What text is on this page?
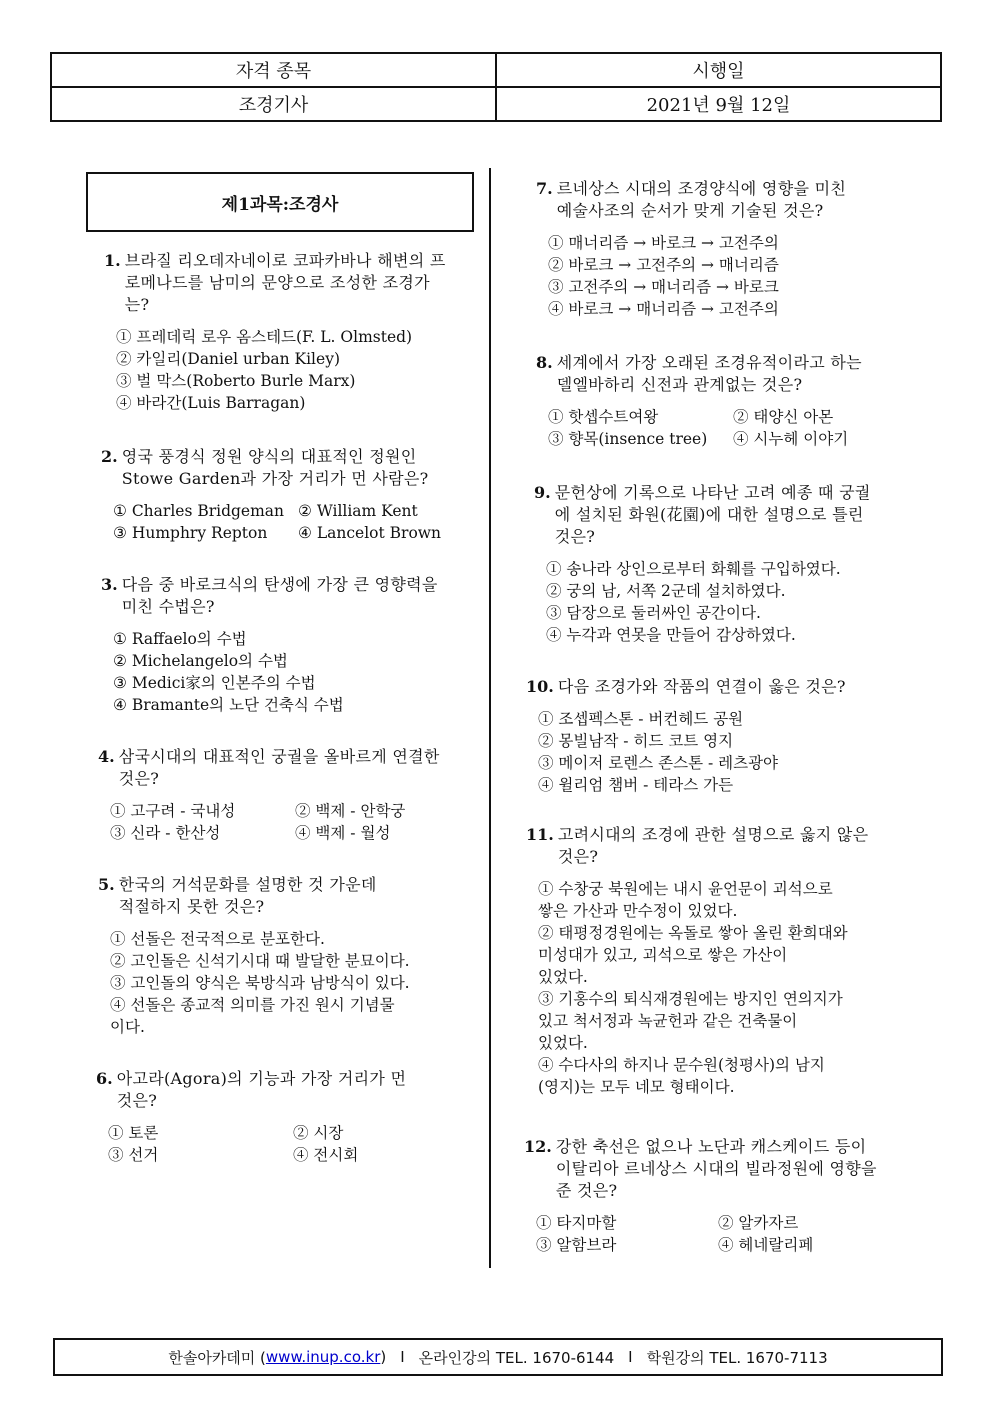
자격 종목	시행일
조경기사	2021년 9월 12일
제1과목:조경사
1. 브라질 리오데자네이로 코파카바나 해변의 프
로메나드를 남미의 문양으로 조성한 조경가
는?
① 프레데릭 로우 옴스테드(F. L. Olmsted)
② 카일리(Daniel urban Kiley)
③ 벌 막스(Roberto Burle Marx)
④ 바라간(Luis Barragan)
2. 영국 풍경식 정원 양식의 대표적인 정원인
Stowe Garden과 가장 거리가 먼 사람은?
① Charles Bridgeman ② William Kent
③ Humphry Repton	④ Lancelot Brown
3. 다음 중 바로크식의 탄생에 가장 큰 영향력을
미친 수법은?
① Raffaelo의 수법
② Michelangelo의 수법
③ Medici家의 인본주의 수법
④ Bramante의 노단 건축식 수법
4. 삼국시대의 대표적인 궁궐을 올바르게 연결한
것은?
① 고구려 - 국내성	② 백제 - 안학궁
③ 신라 - 한산성	④ 백제 - 월성
5. 한국의 거석문화를 설명한 것 가운데
적절하지 못한 것은?
① 선돌은 전국적으로 분포한다.
② 고인돌은 신석기시대 때 발달한 분묘이다.
③ 고인돌의 양식은 북방식과 남방식이 있다.
④ 선돌은 종교적 의미를 가진 원시 기념물
이다.
6. 아고라(Agora)의 기능과 가장 거리가 먼
것은?
① 토론	② 시장
③ 선거	④ 전시회
7. 르네상스 시대의 조경양식에 영향을 미친
예술사조의 순서가 맞게 기술된 것은?
① 매너리즘 → 바로크 → 고전주의
② 바로크 → 고전주의 → 매너리즘
③ 고전주의 → 매너리즘 → 바로크
④ 바로크 → 매너리즘 → 고전주의
8. 세계에서 가장 오래된 조경유적이라고 하는
델엘바하리 신전과 관계없는 것은?
① 핫셉수트여왕	② 태양신 아몬
③ 향목(insence tree)	④ 시누헤 이야기
9. 문헌상에 기록으로 나타난 고려 예종 때 궁궐
에 설치된 화원(花園)에 대한 설명으로 틀린
것은?
① 송나라 상인으로부터 화훼를 구입하였다.
② 궁의 남, 서쪽 2군데 설치하였다.
③ 담장으로 둘러싸인 공간이다.
④ 누각과 연못을 만들어 감상하였다.
10. 다음 조경가와 작품의 연결이 옳은 것은?
① 조셉펙스톤 - 버컨헤드 공원
② 몽빌남작 - 히드 코트 영지
③ 메이저 로렌스 존스톤 - 레츠광야
④ 윌리엄 챔버 - 테라스 가든
11. 고려시대의 조경에 관한 설명으로 옳지 않은
것은?
① 수창궁 북원에는 내시 윤언문이 괴석으로
쌓은 가산과 만수정이 있었다.
② 태평정경원에는 옥돌로 쌓아 올린 환희대와
미성대가 있고, 괴석으로 쌓은 가산이
있었다.
③ 기홍수의 퇴식재경원에는 방지인 연의지가
있고 척서정과 녹균헌과 같은 건축물이
있었다.
④ 수다사의 하지나 문수원(청평사)의 남지
(영지)는 모두 네모 형태이다.
12. 강한 축선은 없으나 노단과 캐스케이드 등이
이탈리아 르네상스 시대의 빌라정원에 영향을
준 것은?
① 타지마할	② 알카자르
③ 알함브라	④ 헤네랄리페
한솔아카데미 ( www.inup.co.kr ) I 온라인강의 TEL. 1670-6144 I 학원강의 TEL. 1670-7113
